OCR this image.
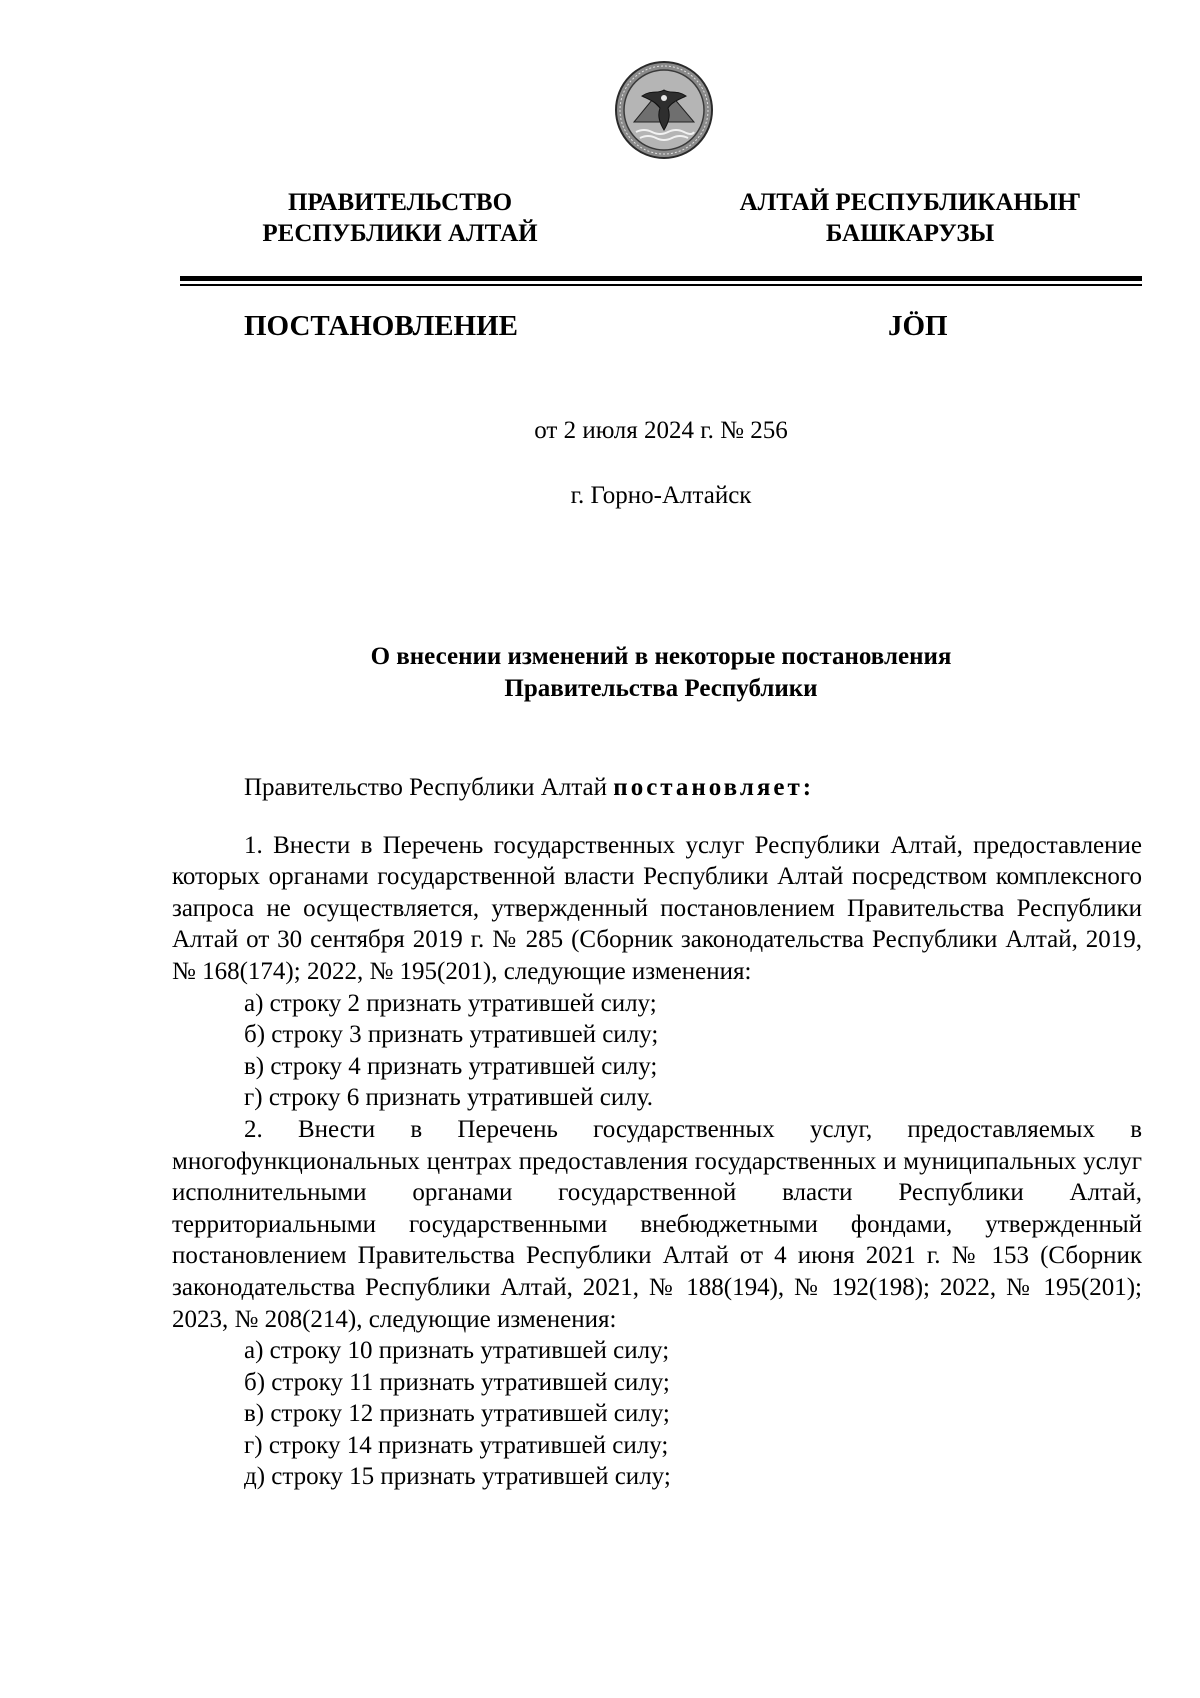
ПРАВИТЕЛЬСТВО
РЕСПУБЛИКИ АЛТАЙ
АЛТАЙ РЕСПУБЛИКАНЫҤ
БАШКАРУЗЫ
ПОСТАНОВЛЕНИЕ	JÖП
от 2 июля 2024 г. № 256
г. Горно-Алтайск
О внесении изменений в некоторые постановления
Правительства Республики

Правительство Республики Алтай постановляет:

1. Внести в Перечень государственных услуг Республики Алтай, предоставление которых органами государственной власти Республики Алтай посредством комплексного запроса не осуществляется, утвержденный постановлением Правительства Республики Алтай от 30 сентября 2019 г. № 285 (Сборник законодательства Республики Алтай, 2019, № 168(174); 2022, № 195(201), следующие изменения:

а) строку 2 признать утратившей силу;

б) строку 3 признать утратившей силу;

в) строку 4 признать утратившей силу;

г) строку 6 признать утратившей силу.

2. Внести в Перечень государственных услуг, предоставляемых в многофункциональных центрах предоставления государственных и муниципальных услуг исполнительными органами государственной власти Республики Алтай, территориальными государственными внебюджетными фондами, утвержденный постановлением Правительства Республики Алтай от 4 июня 2021 г. № 153 (Сборник законодательства Республики Алтай, 2021, № 188(194), № 192(198); 2022, № 195(201); 2023, № 208(214), следующие изменения:

а) строку 10 признать утратившей силу;

б) строку 11 признать утратившей силу;

в) строку 12 признать утратившей силу;

г) строку 14 признать утратившей силу;

д) строку 15 признать утратившей силу;
